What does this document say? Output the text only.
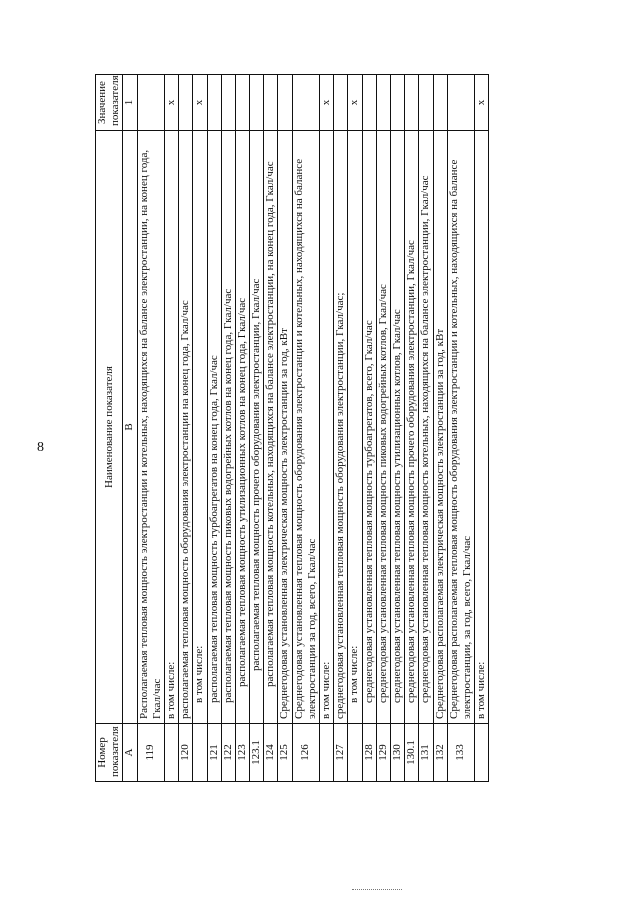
8
Номер показателя	Наименование показателя	Значение показателя
А	В	1
119	Располагаемая тепловая мощность электростанции и котельных, находящихся на балансе электростанции, на конец года, Гкал/час	
	в том числе:	x
120	располагаемая тепловая мощность оборудования электростанции на конец года, Гкал/час	
	в том числе:	x
121	располагаемая тепловая мощность турбоагрегатов на конец года, Гкал/час	
122	располагаемая тепловая мощность пиковых водогрейных котлов на конец года, Гкал/час	
123	располагаемая тепловая мощность утилизационных котлов на конец года, Гкал/час	
123.1	располагаемая тепловая мощность прочего оборудования электростанции, Гкал/час	
124	располагаемая тепловая мощность котельных, находящихся на балансе электростанции, на конец года, Гкал/час	
125	Среднегодовая установленная электрическая мощность электростанции за год, кВт	
126	Среднегодовая установленная тепловая мощность оборудования электростанции и котельных, находящихся на балансе электростанции за год, всего, Гкал/час	
	в том числе:	x
127	среднегодовая установленная тепловая мощность оборудования электростанции, Гкал/час;	
	в том числе:	x
128	среднегодовая установленная тепловая мощность турбоагрегатов, всего, Гкал/час	
129	среднегодовая установленная тепловая мощность пиковых водогрейных котлов, Гкал/час	
130	среднегодовая установленная тепловая мощность утилизационных котлов, Гкал/час	
130.1	среднегодовая установленная тепловая мощность прочего оборудования электростанции, Гкал/час	
131	среднегодовая установленная тепловая мощность котельных, находящихся на балансе электростанции, Гкал/час	
132	Среднегодовая располагаемая электрическая мощность электростанции за год, кВт	
133	Среднегодовая располагаемая тепловая мощность оборудования электростанции и котельных, находящихся на балансе электростанции, за год, всего, Гкал/час	
	в том числе:	x
